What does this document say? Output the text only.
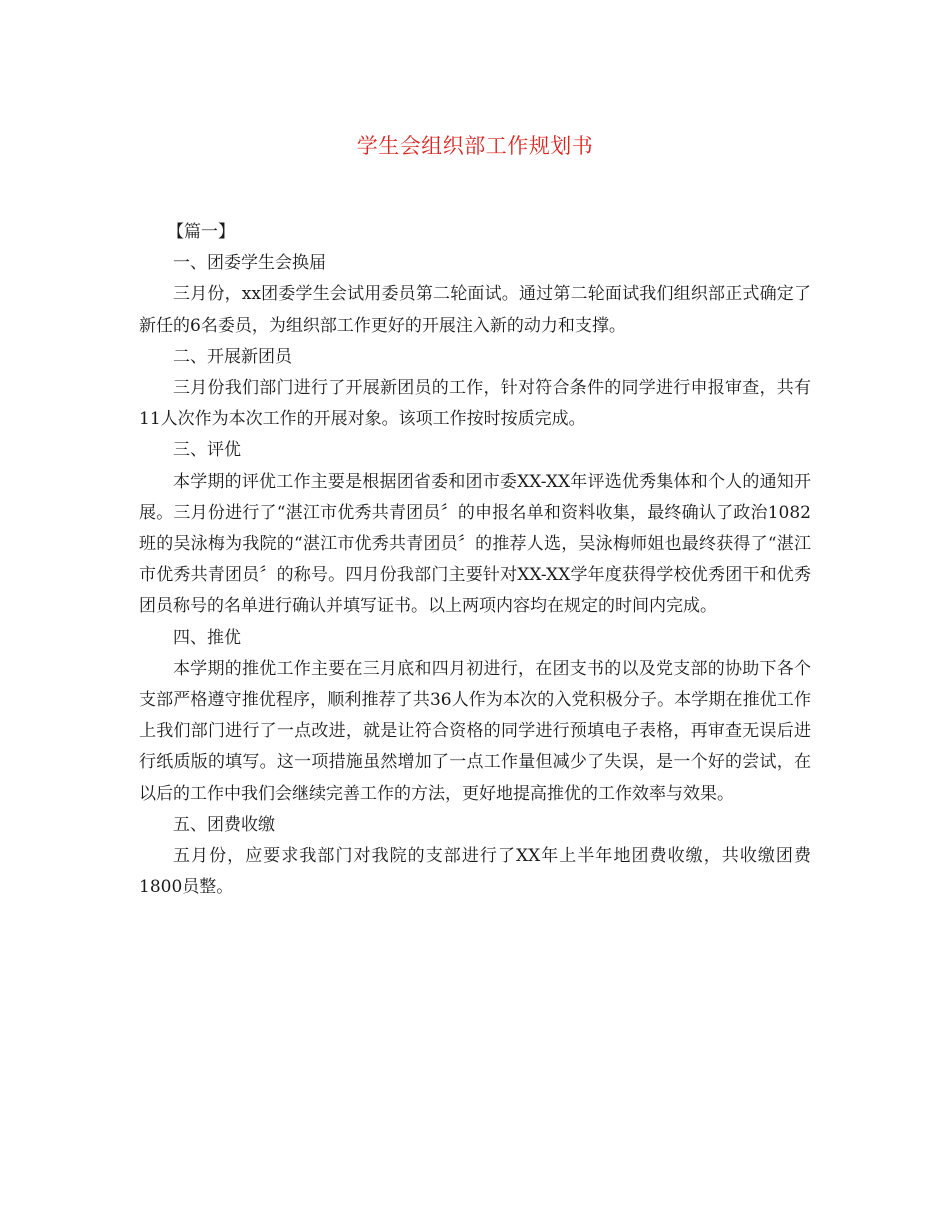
学生会组织部工作规划书

【篇一】

一、团委学生会换届

三月份，xx团委学生会试用委员第二轮面试。通过第二轮面试我们组织部正式确定了新任的6名委员，为组织部工作更好的开展注入新的动力和支撑。

二、开展新团员

三月份我们部门进行了开展新团员的工作，针对符合条件的同学进行申报审查，共有11人次作为本次工作的开展对象。该项工作按时按质完成。

三、评优

本学期的评优工作主要是根据团省委和团市委XX-XX年评选优秀集体和个人的通知开展。三月份进行了“湛江市优秀共青团员〞的申报名单和资料收集，最终确认了政治1082班的吴泳梅为我院的“湛江市优秀共青团员〞的推荐人选，吴泳梅师姐也最终获得了“湛江市优秀共青团员〞的称号。四月份我部门主要针对XX-XX学年度获得学校优秀团干和优秀团员称号的名单进行确认并填写证书。以上两项内容均在规定的时间内完成。

四、推优

本学期的推优工作主要在三月底和四月初进行，在团支书的以及党支部的协助下各个支部严格遵守推优程序，顺利推荐了共36人作为本次的入党积极分子。本学期在推优工作上我们部门进行了一点改进，就是让符合资格的同学进行预填电子表格，再审查无误后进行纸质版的填写。这一项措施虽然增加了一点工作量但减少了失误，是一个好的尝试，在以后的工作中我们会继续完善工作的方法，更好地提高推优的工作效率与效果。

五、团费收缴

五月份，应要求我部门对我院的支部进行了XX年上半年地团费收缴，共收缴团费1800员整。
